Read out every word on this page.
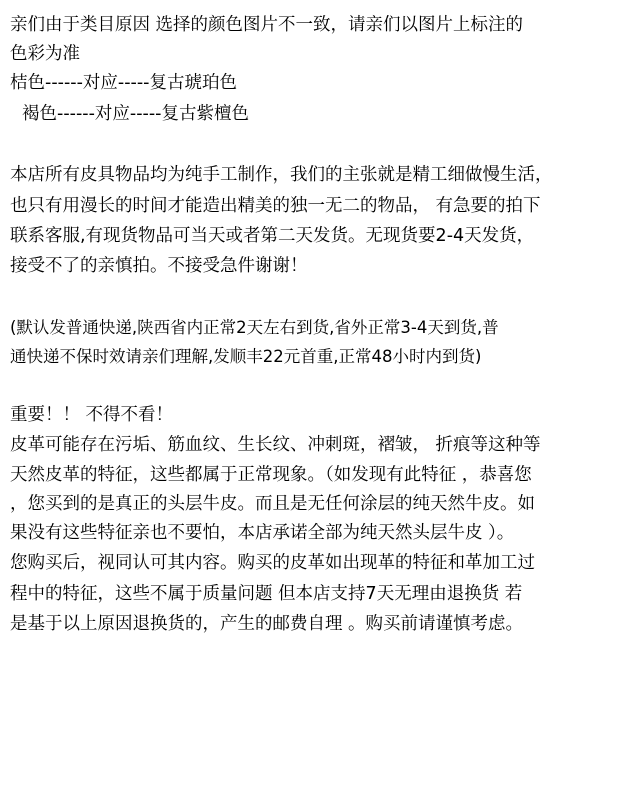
亲们由于类目原因 选择的颜色图片不一致，请亲们以图片上标注的
色彩为准
桔色------对应-----复古琥珀色
褐色------对应-----复古紫檀色
本店所有皮具物品均为纯手工制作，我们的主张就是精工细做慢生活，
也只有用漫长的时间才能造出精美的独一无二的物品， 有急要的拍下
联系客服,有现货物品可当天或者第二天发货。无现货要2-4天发货，
接受不了的亲慎拍。不接受急件谢谢！
(默认发普通快递,陕西省内正常2天左右到货,省外正常3-4天到货,普
通快递不保时效请亲们理解,发顺丰22元首重,正常48小时内到货)
重要！！ 不得不看！
皮革可能存在污垢、筋血纹、生长纹、冲刺斑，褶皱， 折痕等这种等
天然皮革的特征，这些都属于正常现象。（如发现有此特征 ，恭喜您
，您买到的是真正的头层牛皮。而且是无任何涂层的纯天然牛皮。如
果没有这些特征亲也不要怕，本店承诺全部为纯天然头层牛皮 ）。
您购买后，视同认可其内容。购买的皮革如出现革的特征和革加工过
程中的特征，这些不属于质量问题 但本店支持7天无理由退换货 若
是基于以上原因退换货的，产生的邮费自理 。购买前请谨慎考虑。
